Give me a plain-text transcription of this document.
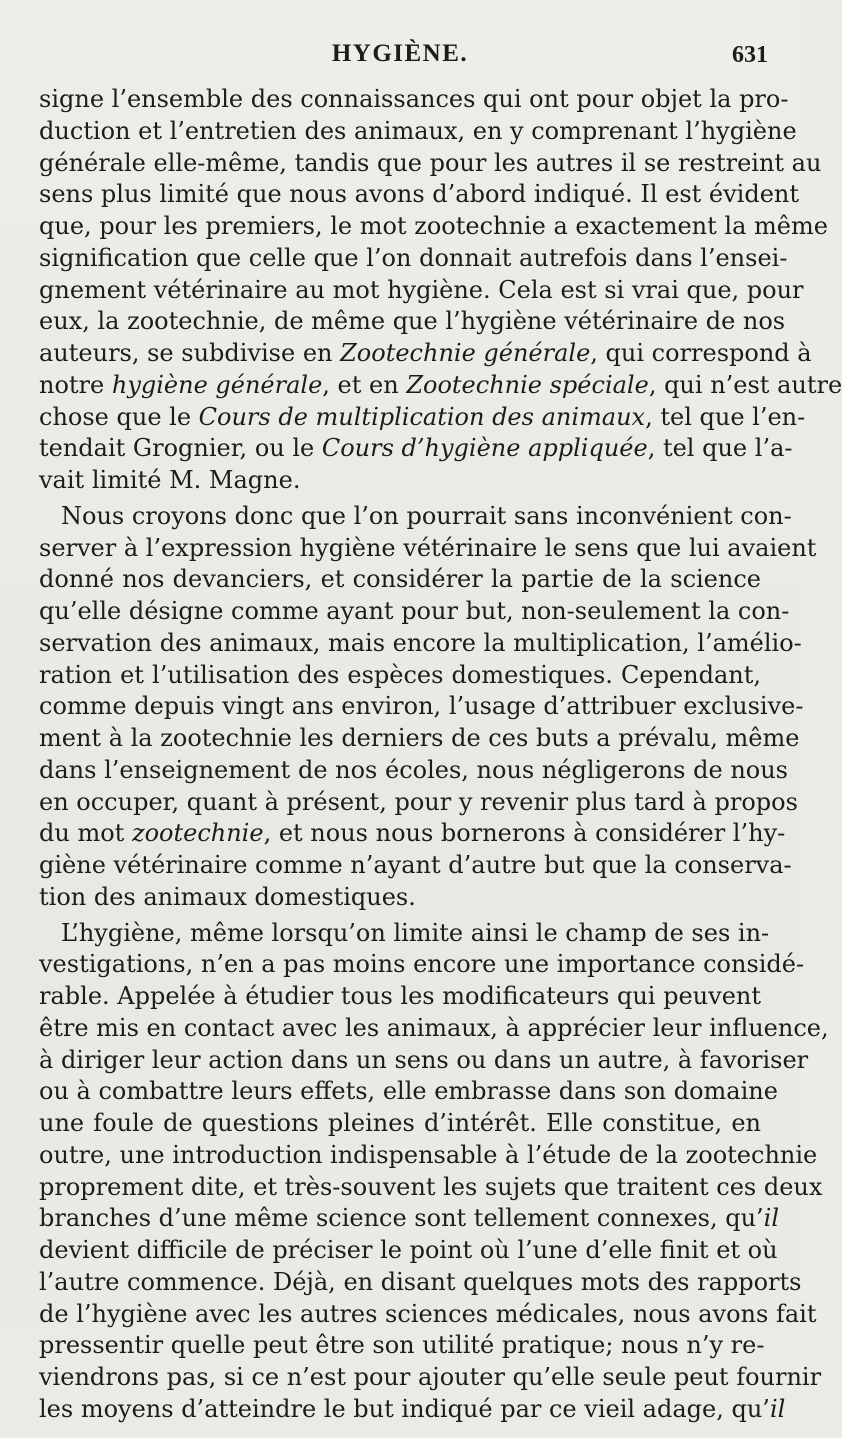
HYGIÈNE.	631
signe l’ensemble des connaissances qui ont pour objet la pro-
duction et l’entretien des animaux, en y comprenant l’hygiène
générale elle-même, tandis que pour les autres il se restreint au
sens plus limité que nous avons d’abord indiqué. Il est évident
que, pour les premiers, le mot zootechnie a exactement la même
signification que celle que l’on donnait autrefois dans l’ensei-
gnement vétérinaire au mot hygiène. Cela est si vrai que, pour
eux, la zootechnie, de même que l’hygiène vétérinaire de nos
auteurs, se subdivise en Zootechnie générale, qui correspond à
notre hygiène générale, et en Zootechnie spéciale, qui n’est autre
chose que le Cours de multiplication des animaux, tel que l’en-
tendait Grognier, ou le Cours d’hygiène appliquée, tel que l’a-
vait limité M. Magne.
Nous croyons donc que l’on pourrait sans inconvénient con-
server à l’expression hygiène vétérinaire le sens que lui avaient
donné nos devanciers, et considérer la partie de la science
qu’elle désigne comme ayant pour but, non-seulement la con-
servation des animaux, mais encore la multiplication, l’amélio-
ration et l’utilisation des espèces domestiques. Cependant,
comme depuis vingt ans environ, l’usage d’attribuer exclusive-
ment à la zootechnie les derniers de ces buts a prévalu, même
dans l’enseignement de nos écoles, nous négligerons de nous
en occuper, quant à présent, pour y revenir plus tard à propos
du mot zootechnie, et nous nous bornerons à considérer l’hy-
giène vétérinaire comme n’ayant d’autre but que la conserva-
tion des animaux domestiques.
L’hygiène, même lorsqu’on limite ainsi le champ de ses in-
vestigations, n’en a pas moins encore une importance considé-
rable. Appelée à étudier tous les modificateurs qui peuvent
être mis en contact avec les animaux, à apprécier leur influence,
à diriger leur action dans un sens ou dans un autre, à favoriser
ou à combattre leurs effets, elle embrasse dans son domaine
une foule de questions pleines d’intérêt. Elle constitue, en
outre, une introduction indispensable à l’étude de la zootechnie
proprement dite, et très-souvent les sujets que traitent ces deux
branches d’une même science sont tellement connexes, qu’il
devient difficile de préciser le point où l’une d’elle finit et où
l’autre commence. Déjà, en disant quelques mots des rapports
de l’hygiène avec les autres sciences médicales, nous avons fait
pressentir quelle peut être son utilité pratique; nous n’y re-
viendrons pas, si ce n’est pour ajouter qu’elle seule peut fournir
les moyens d’atteindre le but indiqué par ce vieil adage, qu’il
